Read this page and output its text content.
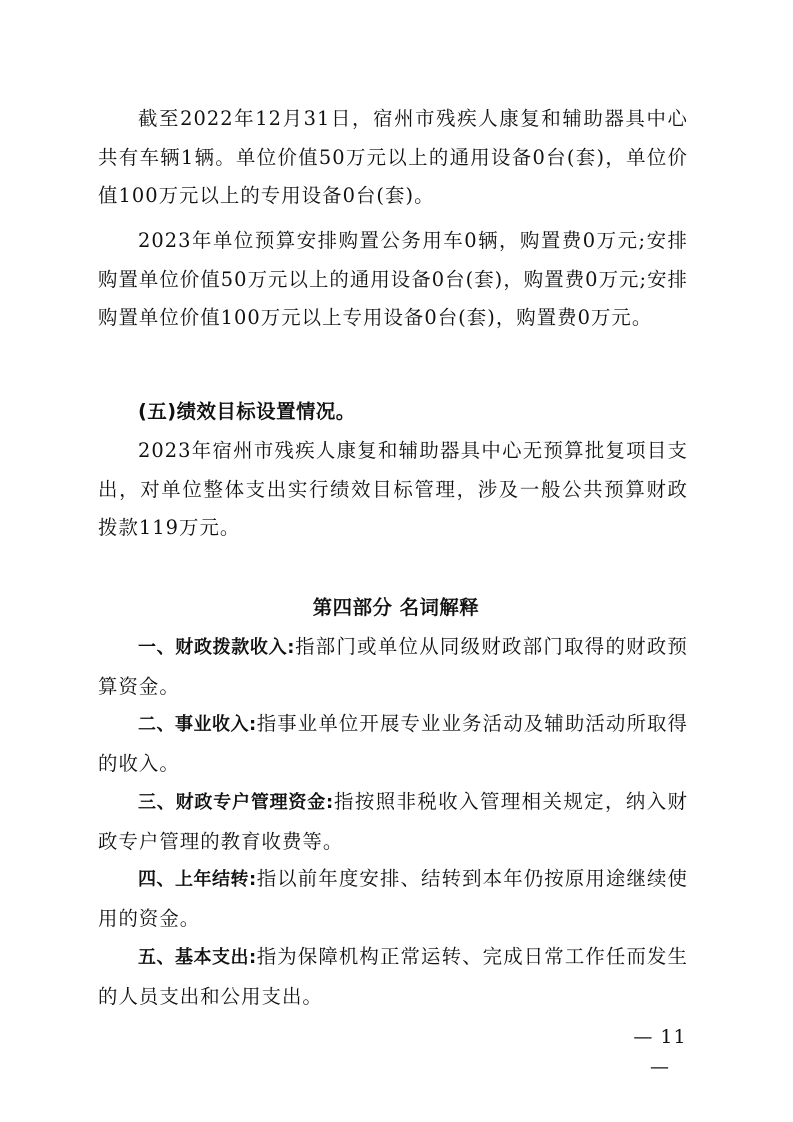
截至2022年12月31日，宿州市残疾人康复和辅助器具中心共有车辆1辆。单位价值50万元以上的通用设备0台(套)，单位价值100万元以上的专用设备0台(套)。

2023年单位预算安排购置公务用车0辆，购置费0万元;安排购置单位价值50万元以上的通用设备0台(套)，购置费0万元;安排购置单位价值100万元以上专用设备0台(套)，购置费0万元。

(五)绩效目标设置情况。

2023年宿州市残疾人康复和辅助器具中心无预算批复项目支出，对单位整体支出实行绩效目标管理，涉及一般公共预算财政拨款119万元。

第四部分 名词解释

一、财政拨款收入:指部门或单位从同级财政部门取得的财政预算资金。

二、事业收入:指事业单位开展专业业务活动及辅助活动所取得的收入。

三、财政专户管理资金:指按照非税收入管理相关规定，纳入财政专户管理的教育收费等。

四、上年结转:指以前年度安排、结转到本年仍按原用途继续使用的资金。

五、基本支出:指为保障机构正常运转、完成日常工作任而发生的人员支出和公用支出。

— 11 —
